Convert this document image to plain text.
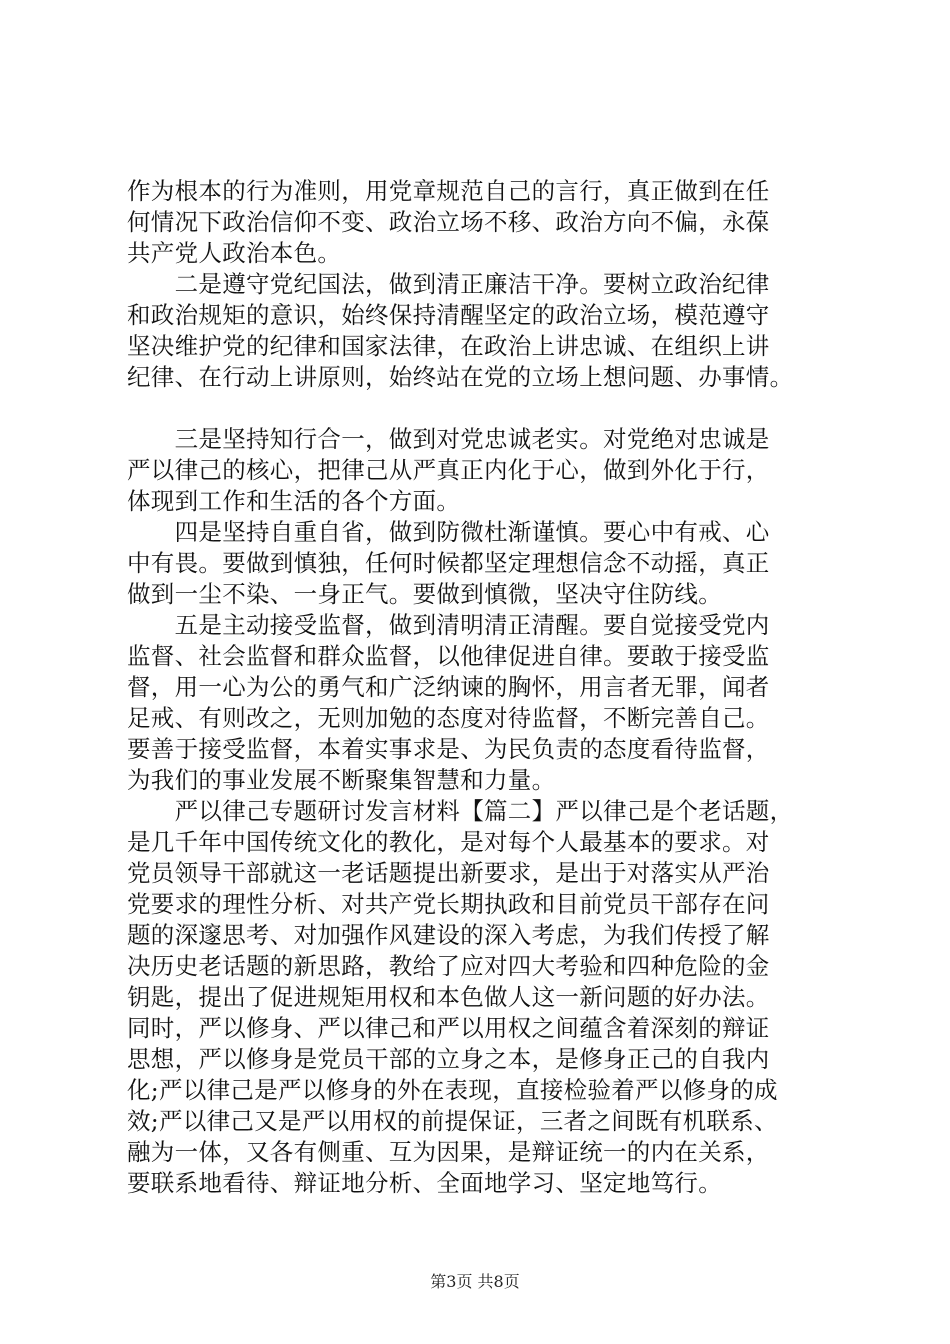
作为根本的行为准则，用党章规范自己的言行，真正做到在任
何情况下政治信仰不变、政治立场不移、政治方向不偏，永葆
共产党人政治本色。
　　二是遵守党纪国法，做到清正廉洁干净。要树立政治纪律
和政治规矩的意识，始终保持清醒坚定的政治立场，模范遵守
坚决维护党的纪律和国家法律，在政治上讲忠诚、在组织上讲
纪律、在行动上讲原则，始终站在党的立场上想问题、办事情。
　　三是坚持知行合一，做到对党忠诚老实。对党绝对忠诚是
严以律己的核心，把律己从严真正内化于心，做到外化于行，
体现到工作和生活的各个方面。
　　四是坚持自重自省，做到防微杜渐谨慎。要心中有戒、心
中有畏。要做到慎独，任何时候都坚定理想信念不动摇，真正
做到一尘不染、一身正气。要做到慎微，坚决守住防线。
　　五是主动接受监督，做到清明清正清醒。要自觉接受党内
监督、社会监督和群众监督，以他律促进自律。要敢于接受监
督，用一心为公的勇气和广泛纳谏的胸怀，用言者无罪，闻者
足戒、有则改之，无则加勉的态度对待监督，不断完善自己。
要善于接受监督，本着实事求是、为民负责的态度看待监督，
为我们的事业发展不断聚集智慧和力量。
　　严以律己专题研讨发言材料【篇二】严以律己是个老话题，
是几千年中国传统文化的教化，是对每个人最基本的要求。对
党员领导干部就这一老话题提出新要求，是出于对落实从严治
党要求的理性分析、对共产党长期执政和目前党员干部存在问
题的深邃思考、对加强作风建设的深入考虑，为我们传授了解
决历史老话题的新思路，教给了应对四大考验和四种危险的金
钥匙，提出了促进规矩用权和本色做人这一新问题的好办法。
同时，严以修身、严以律己和严以用权之间蕴含着深刻的辩证
思想，严以修身是党员干部的立身之本，是修身正己的自我内
化;严以律己是严以修身的外在表现，直接检验着严以修身的成
效;严以律己又是严以用权的前提保证，三者之间既有机联系、
融为一体，又各有侧重、互为因果，是辩证统一的内在关系，
要联系地看待、辩证地分析、全面地学习、坚定地笃行。
第3页 共8页
